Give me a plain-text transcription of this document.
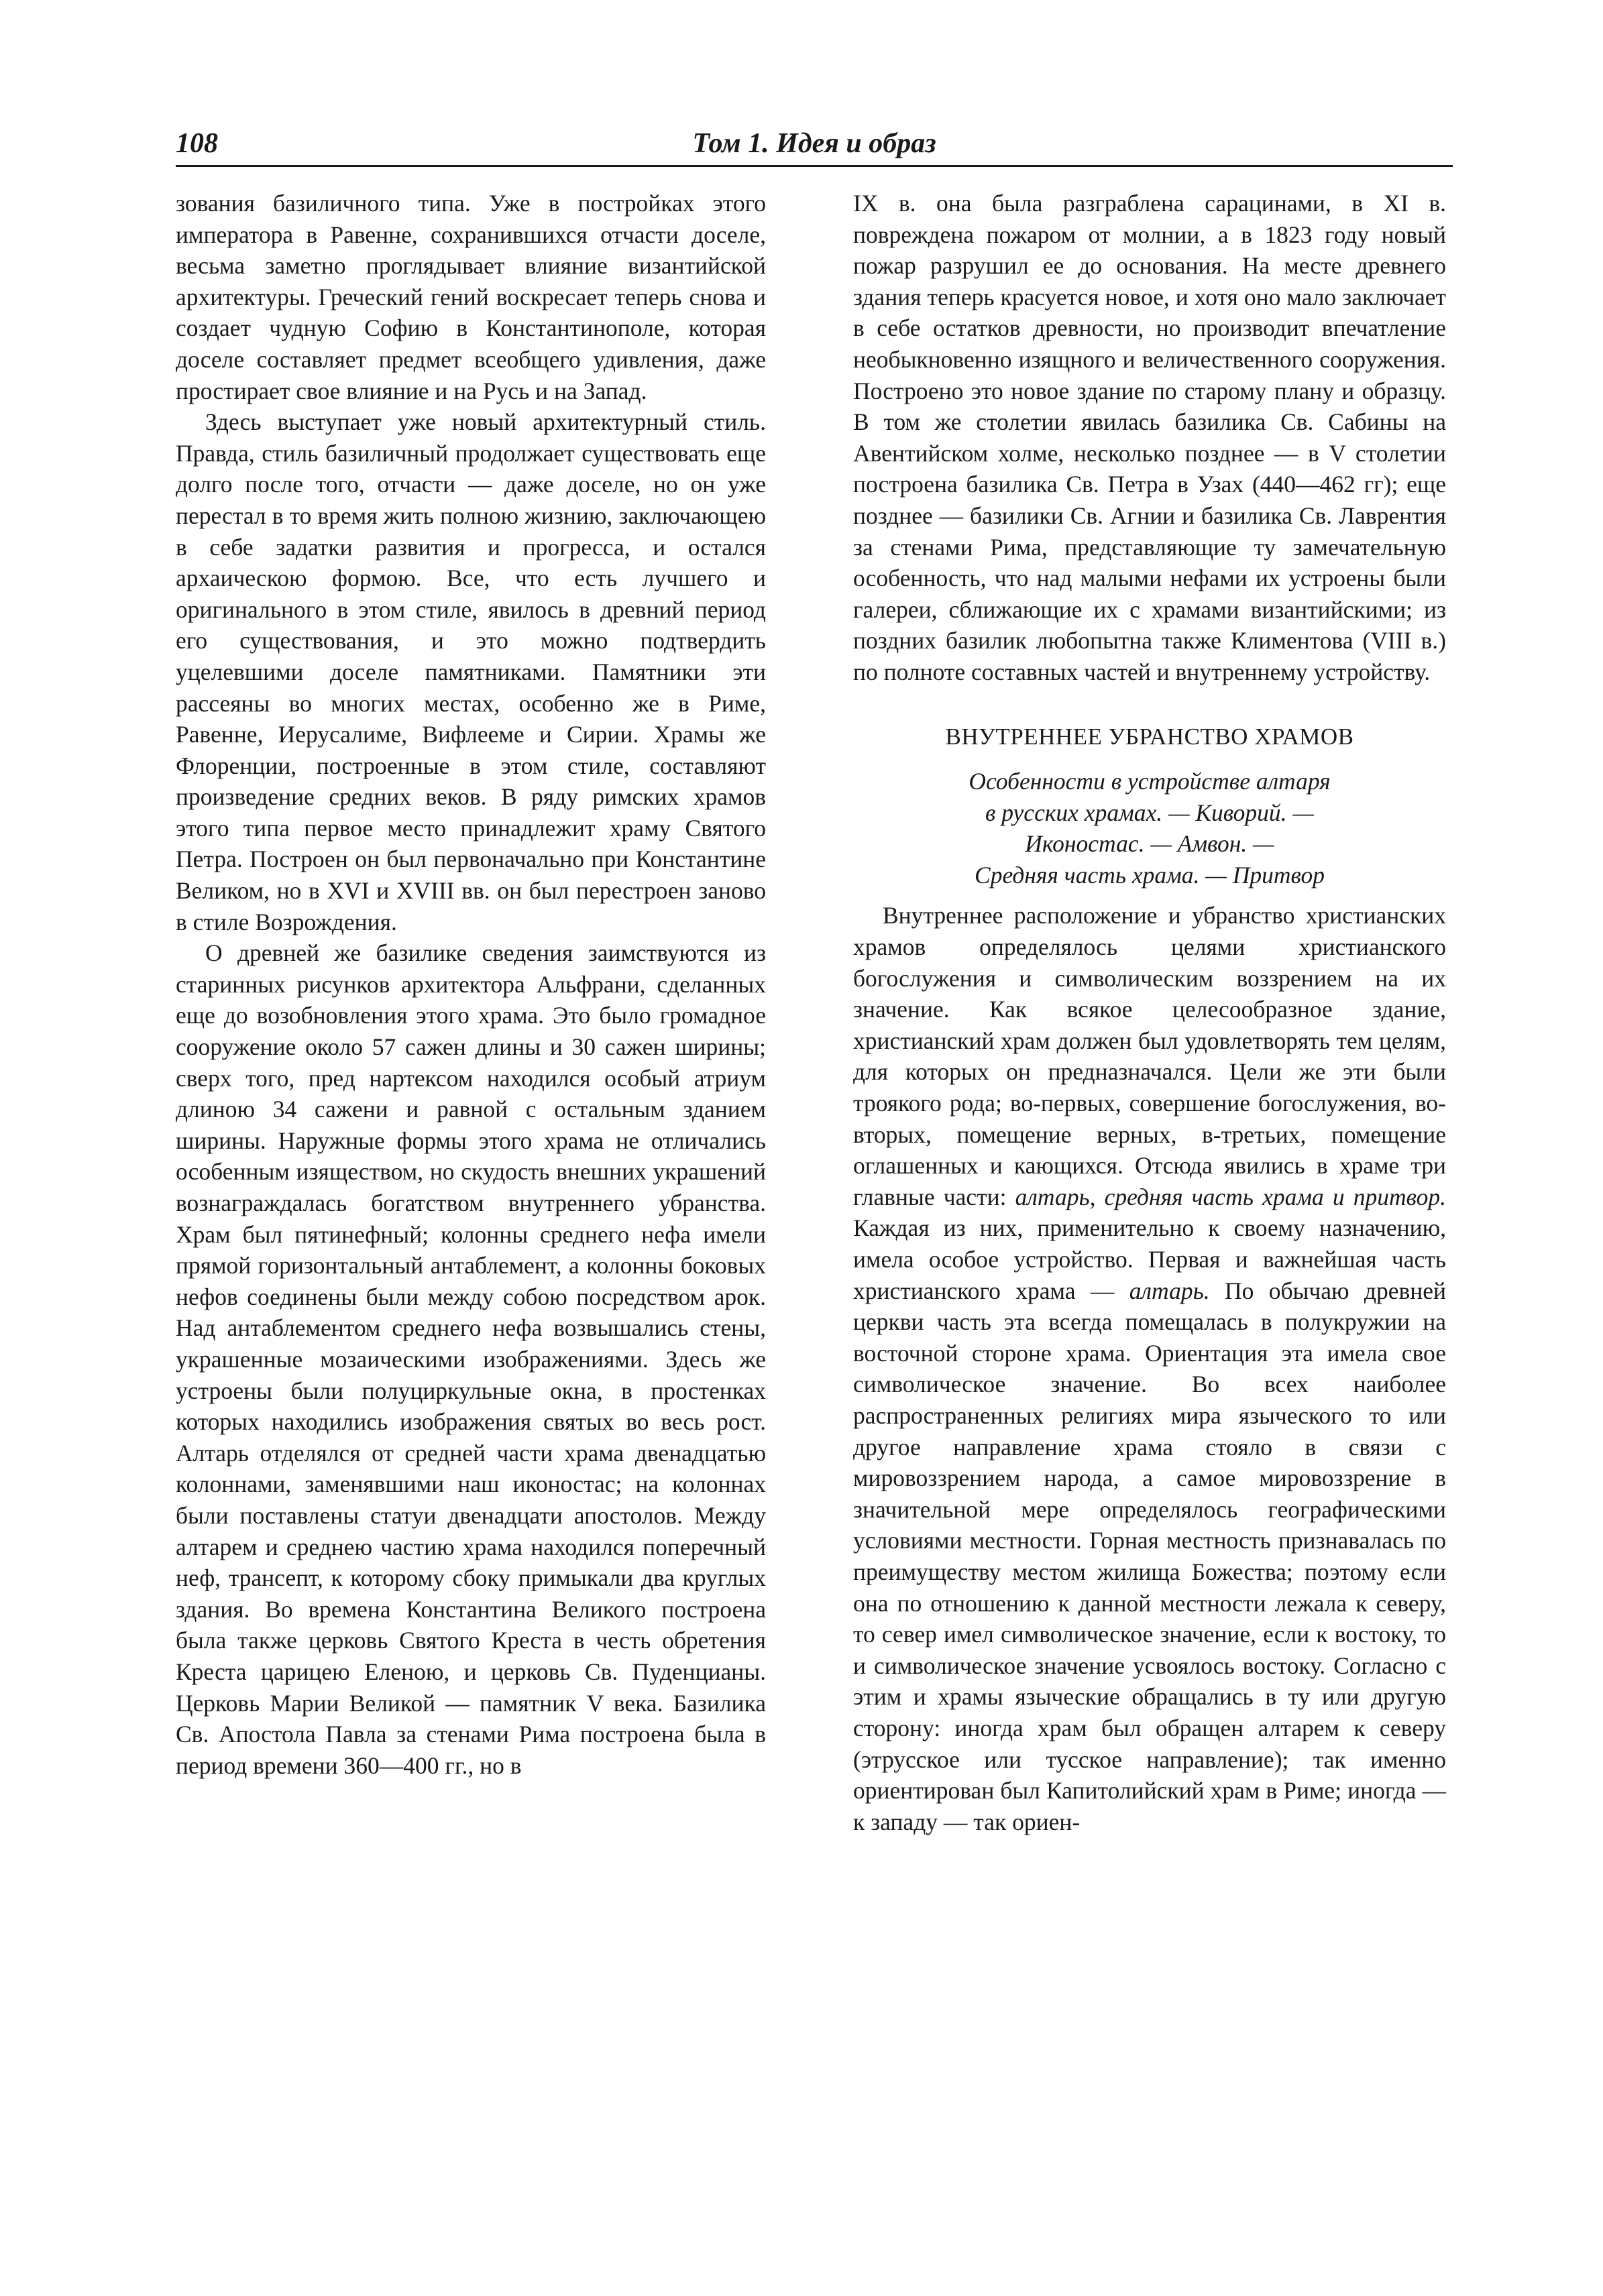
108	Том 1. Идея и образ

зования базиличного типа. Уже в постройках этого императора в Равенне, сохранившихся отчасти доселе, весьма заметно проглядывает влияние византийской архитектуры. Греческий гений воскресает теперь снова и создает чудную Софию в Константинополе, которая доселе составляет предмет всеобщего удивления, даже простирает свое влияние и на Русь и на Запад.

Здесь выступает уже новый архитектурный стиль. Правда, стиль базиличный продолжает существовать еще долго после того, отчасти — даже доселе, но он уже перестал в то время жить полною жизнию, заключающею в себе задатки развития и прогресса, и остался архаическою формою. Все, что есть лучшего и оригинального в этом стиле, явилось в древний период его существования, и это можно подтвердить уцелевшими доселе памятниками. Памятники эти рассеяны во многих местах, особенно же в Риме, Равенне, Иерусалиме, Вифлееме и Сирии. Храмы же Флоренции, построенные в этом стиле, составляют произведение средних веков. В ряду римских храмов этого типа первое место принадлежит храму Святого Петра. Построен он был первоначально при Константине Великом, но в XVI и XVIII вв. он был перестроен заново в стиле Возрождения.

О древней же базилике сведения заимствуются из старинных рисунков архитектора Альфрани, сделанных еще до возобновления этого храма. Это было громадное сооружение около 57 сажен длины и 30 сажен ширины; сверх того, пред нартексом находился особый атриум длиною 34 сажени и равной с остальным зданием ширины. Наружные формы этого храма не отличались особенным изяществом, но скудость внешних украшений вознаграждалась богатством внутреннего убранства. Храм был пятинефный; колонны среднего нефа имели прямой горизонтальный антаблемент, а колонны боковых нефов соединены были между собою посредством арок. Над антаблементом среднего нефа возвышались стены, украшенные мозаическими изображениями. Здесь же устроены были полуциркульные окна, в простенках которых находились изображения святых во весь рост. Алтарь отделялся от средней части храма двенадцатью колоннами, заменявшими наш иконостас; на колоннах были поставлены статуи двенадцати апостолов. Между алтарем и среднею частию храма находился поперечный неф, трансепт, к которому сбоку примыкали два круглых здания. Во времена Константина Великого построена была также церковь Святого Креста в честь обретения Креста царицею Еленою, и церковь Св. Пуденцианы. Церковь Марии Великой — памятник V века. Базилика Св. Апостола Павла за стенами Рима построена была в период времени 360—400 гг., но в

IX в. она была разграблена сарацинами, в XI в. повреждена пожаром от молнии, а в 1823 году новый пожар разрушил ее до основания. На месте древнего здания теперь красуется новое, и хотя оно мало заключает в себе остатков древности, но производит впечатление необыкновенно изящного и величественного сооружения. Построено это новое здание по старому плану и образцу. В том же столетии явилась базилика Св. Сабины на Авентийском холме, несколько позднее — в V столетии построена базилика Св. Петра в Узах (440—462 гг); еще позднее — базилики Св. Агнии и базилика Св. Лаврентия за стенами Рима, представляющие ту замечательную особенность, что над малыми нефами их устроены были галереи, сближающие их с храмами византийскими; из поздних базилик любопытна также Климентова (VIII в.) по полноте составных частей и внутреннему устройству.

ВНУТРЕННЕЕ УБРАНСТВО ХРАМОВ
Особенности в устройстве алтаря
в русских храмах. — Киворий. —
Иконостас. — Амвон. —
Средняя часть храма. — Притвор

Внутреннее расположение и убранство христианских храмов определялось целями христианского богослужения и символическим воззрением на их значение. Как всякое целесообразное здание, христианский храм должен был удовлетворять тем целям, для которых он предназначался. Цели же эти были троякого рода; во-первых, совершение богослужения, во-вторых, помещение верных, в-третьих, помещение оглашенных и кающихся. Отсюда явились в храме три главные части: алтарь, средняя часть храма и притвор. Каждая из них, применительно к своему назначению, имела особое устройство. Первая и важнейшая часть христианского храма — алтарь. По обычаю древней церкви часть эта всегда помещалась в полукружии на восточной стороне храма. Ориентация эта имела свое символическое значение. Во всех наиболее распространенных религиях мира языческого то или другое направление храма стояло в связи с мировоззрением народа, а самое мировоззрение в значительной мере определялось географическими условиями местности. Горная местность признавалась по преимуществу местом жилища Божества; поэтому если она по отношению к данной местности лежала к северу, то север имел символическое значение, если к востоку, то и символическое значение усвоялось востоку. Согласно с этим и храмы языческие обращались в ту или другую сторону: иногда храм был обращен алтарем к северу (этрусское или тусское направление); так именно ориентирован был Капитолийский храм в Риме; иногда — к западу — так ориен-
